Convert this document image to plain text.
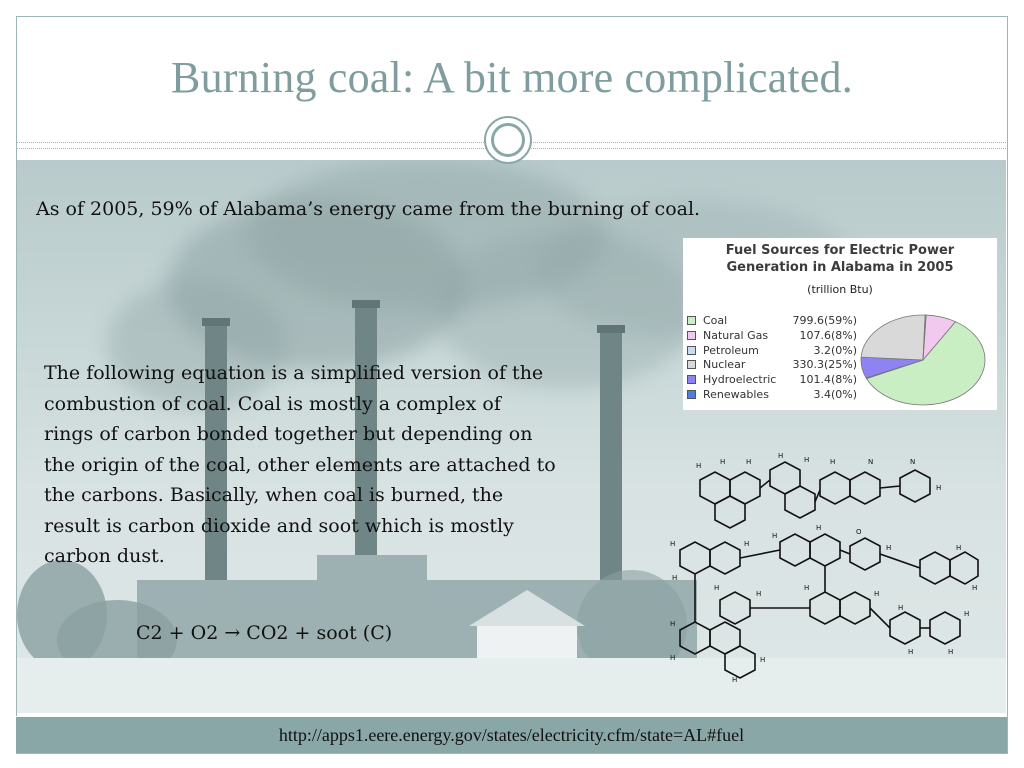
Burning coal: A bit more complicated.
As of 2005, 59% of Alabama’s energy came from the burning of coal.
The following equation is a simplified version of the
combustion of coal. Coal is mostly a complex of
rings of carbon bonded together but depending on
the origin of the coal, other elements are attached to
the carbons. Basically, when coal is burned, the
result is carbon dioxide and soot which is mostly
carbon dust.
C2 + O2 → CO2 + soot (C)
Fuel Sources for Electric Power
Generation in Alabama in 2005
(trillion Btu)
Coal	799.6(59%)
Natural Gas	107.6(8%)
Petroleum	3.2(0%)
Nuclear	330.3(25%)
Hydroelectric 101.4(8%)
Renewables	3.4(0%)
H	H	H
H	H	H	N	N
H
H
H
H
H
H	O
H	H
H
H
H
H
H
H
H
H
H	H
H
H	H
http://apps1.eere.energy.gov/states/electricity.cfm/state=AL#fuel
